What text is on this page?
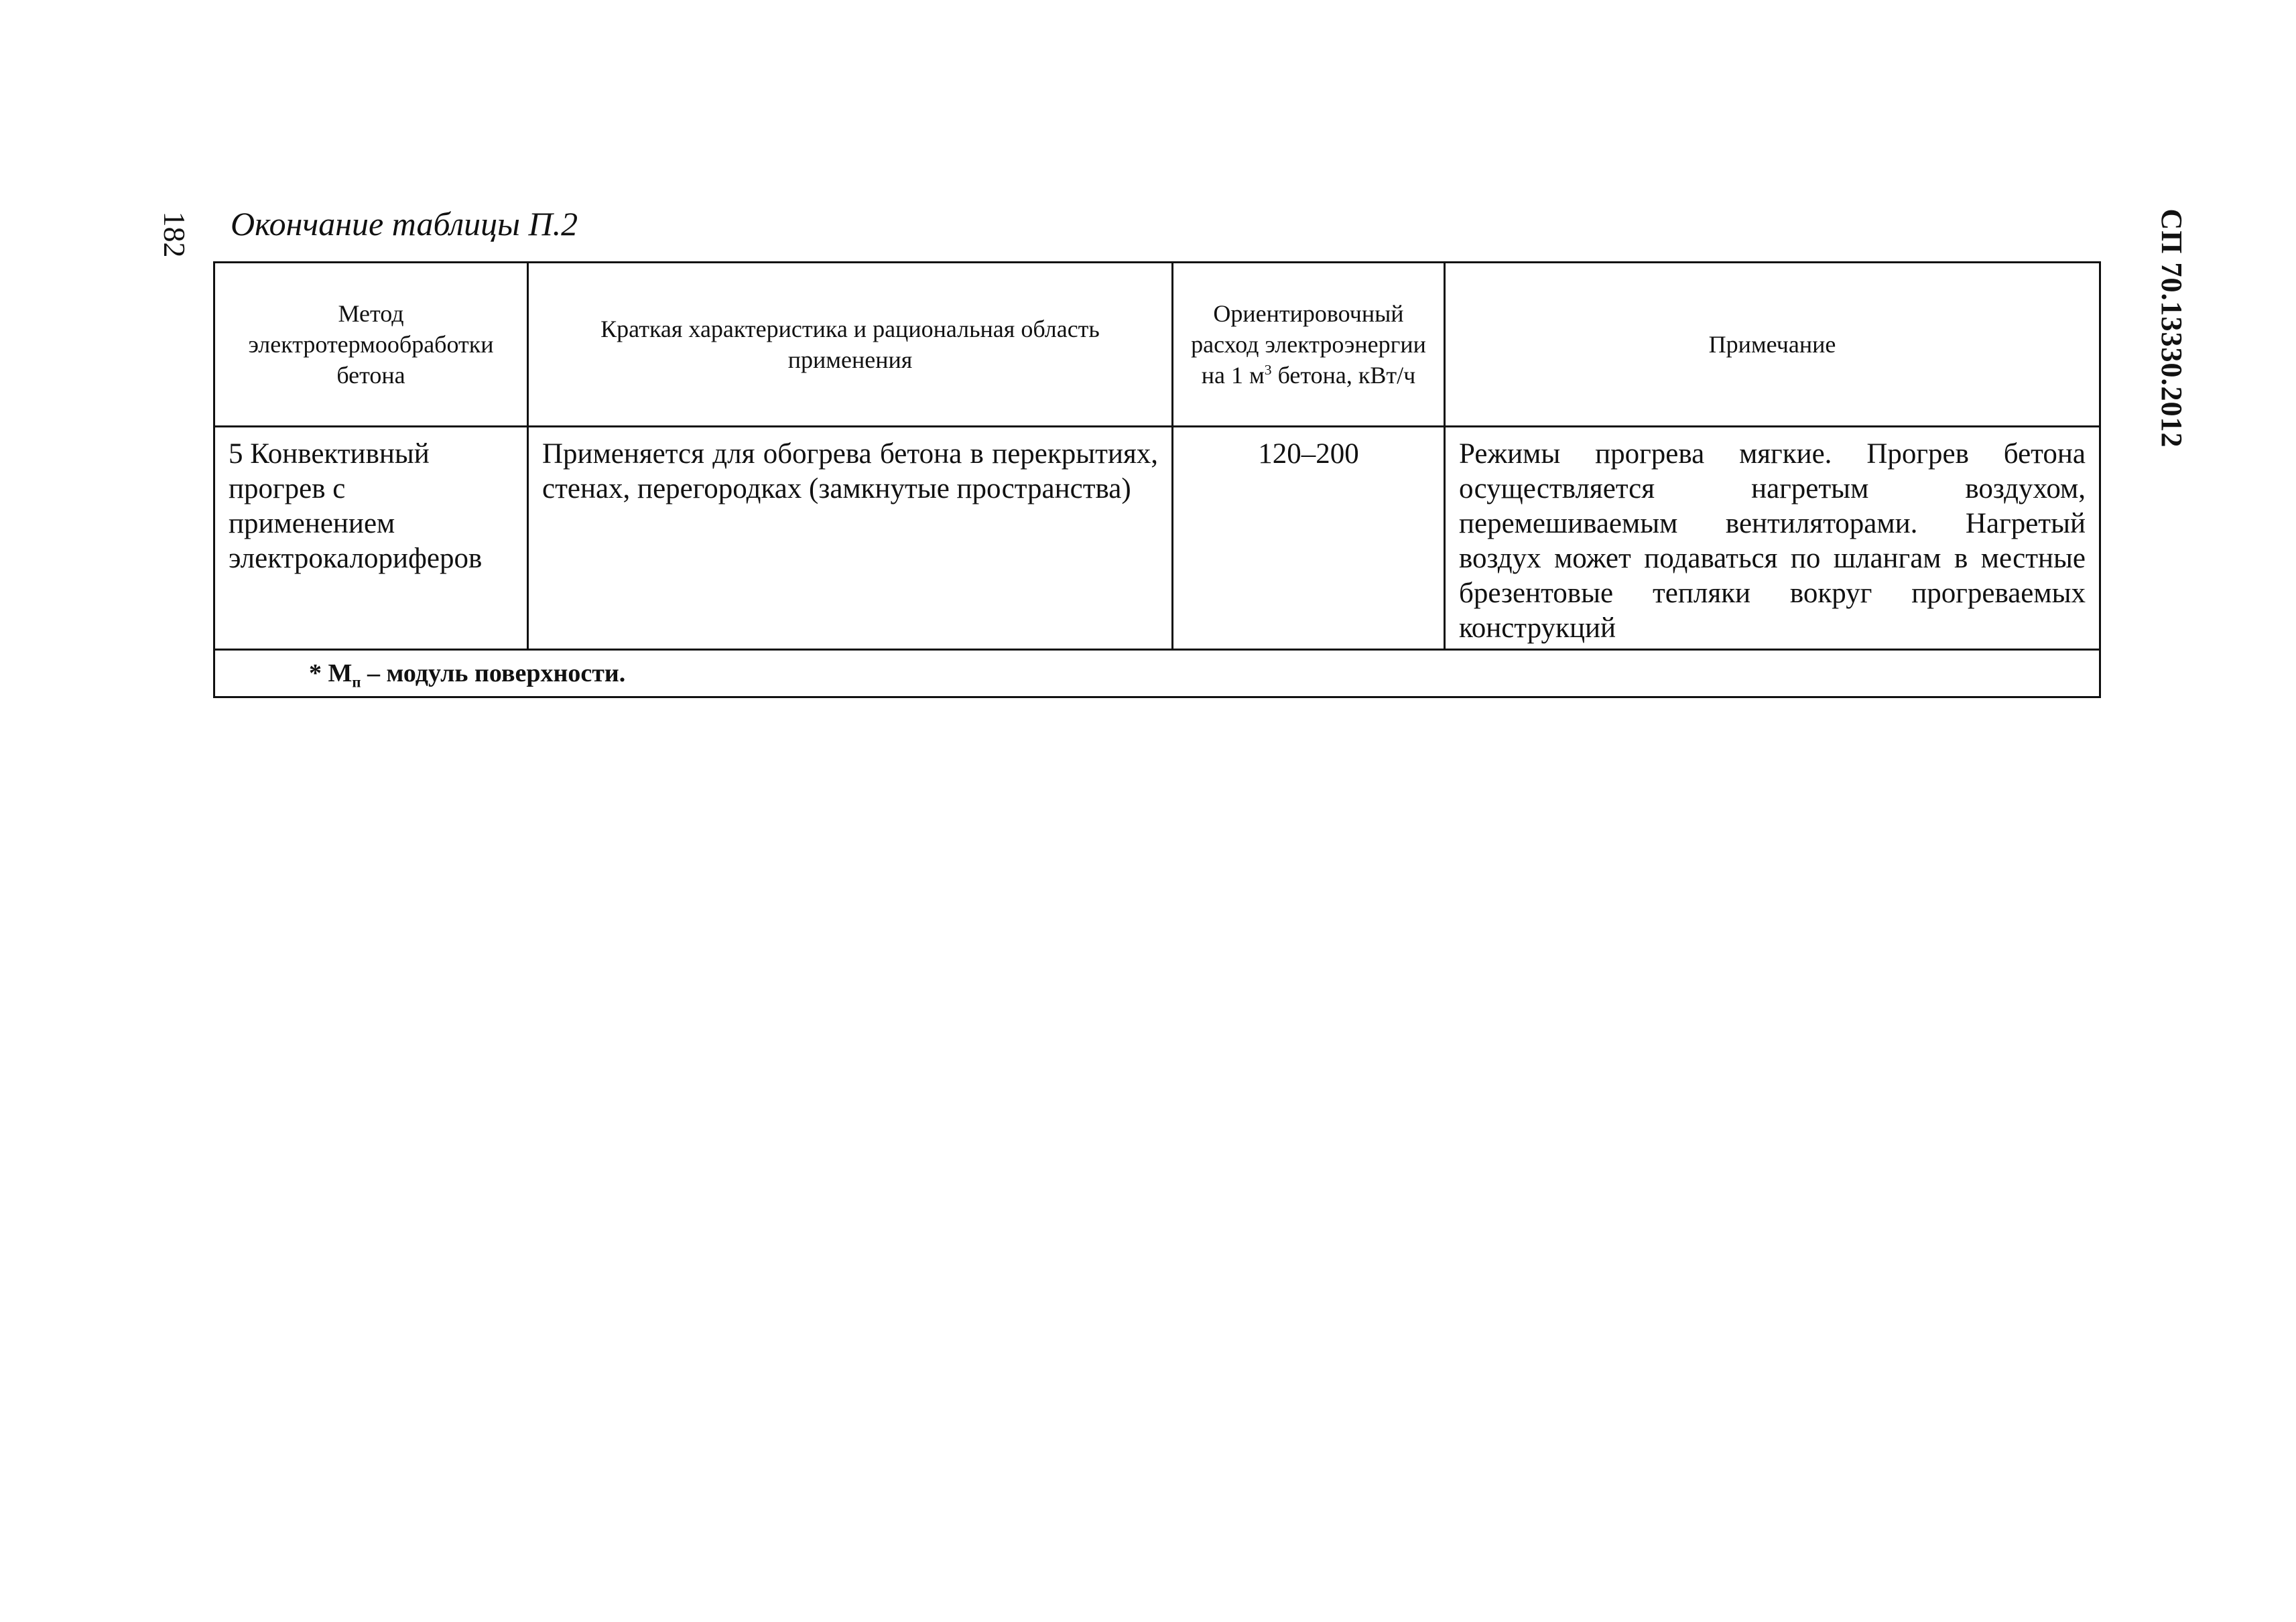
182	СП 70.13330.2012
Окончание таблицы П.2
Метод электротермообработки бетона	Краткая характеристика и рациональная область применения	Ориентировочный расход электроэнергии на 1 $м^3$ бетона, кВт/ч	Примечание
5 Конвективный прогрев с применением электрокалориферов	Применяется для обогрева бетона в перекрытиях, стенах, перегородках (замкнутые пространства)	120–200	Режимы прогрева мягкие. Прогрев бетона осуществляется нагретым воздухом, перемешиваемым вентиляторами. Нагретый воздух может подаваться по шлангам в местные брезентовые тепляки вокруг прогреваемых конструкций
* $M_п$ – модуль поверхности.			
